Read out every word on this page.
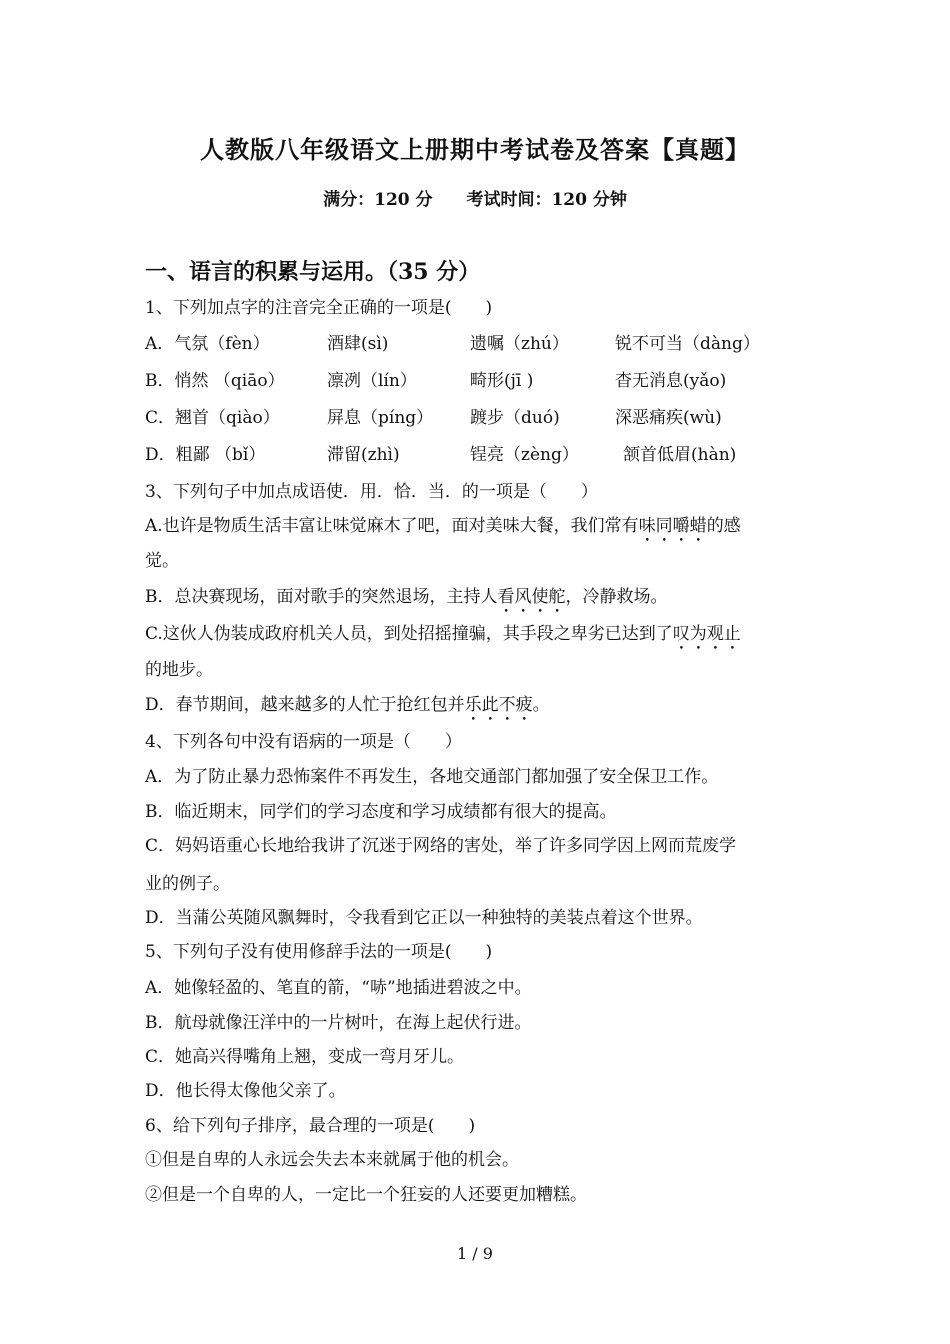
人教版八年级语文上册期中考试卷及答案【真题】
满分：120 分 考试时间：120 分钟
一、语言的积累与运用。（35 分）
1、下列加点字的注音完全正确的一项是(　　)
A．气氛（fèn）	酒肆(sì)	遗嘱（zhú）	锐不可当（dàng）
B．悄然 （qiāo） 凛冽（lín）	畸形(jī )	杳无消息(yǎo)
C．翘首（qiào）	屏息（píng） 踱步（duó)	深恶痛疾(wù)
D．粗鄙 （bǐ）	滞留(zhì)	锃亮（zèng）	颔首低眉(hàn)
3、下列句子中加点成语使．用．恰．当．的一项是（　　）
A.也许是物质生活丰富让味觉麻木了吧，面对美味大餐，我们常有味同嚼蜡的感
觉。
B．总决赛现场，面对歌手的突然退场，主持人看风使舵，冷静救场。
C.这伙人伪装成政府机关人员，到处招摇撞骗，其手段之卑劣已达到了叹为观止
的地步。
D．春节期间，越来越多的人忙于抢红包并乐此不疲。
4、下列各句中没有语病的一项是（　　）
A．为了防止暴力恐怖案件不再发生，各地交通部门都加强了安全保卫工作。
B．临近期末，同学们的学习态度和学习成绩都有很大的提高。
C．妈妈语重心长地给我讲了沉迷于网络的害处，举了许多同学因上网而荒废学
业的例子。
D．当蒲公英随风飘舞时，令我看到它正以一种独特的美装点着这个世界。
5、下列句子没有使用修辞手法的一项是(　　)
A．她像轻盈的、笔直的箭，“哧”地插进碧波之中。
B．航母就像汪洋中的一片树叶，在海上起伏行进。
C．她高兴得嘴角上翘，变成一弯月牙儿。
D．他长得太像他父亲了。
6、给下列句子排序，最合理的一项是(　　)
①但是自卑的人永远会失去本来就属于他的机会。
②但是一个自卑的人，一定比一个狂妄的人还要更加糟糕。
1 / 9
